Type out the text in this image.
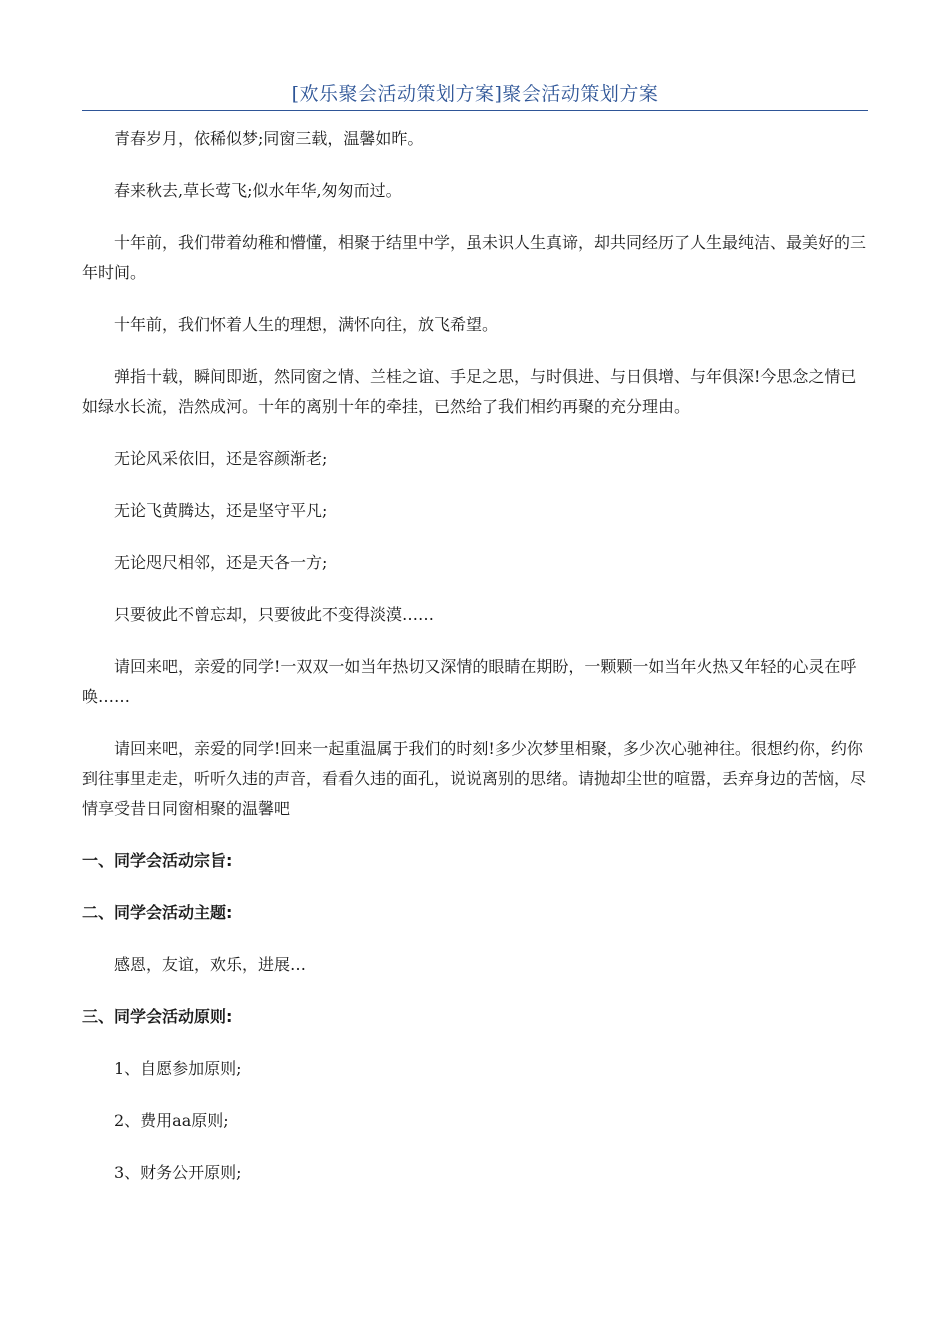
[欢乐聚会活动策划方案]聚会活动策划方案

青春岁月，依稀似梦;同窗三载，温馨如昨。

春来秋去,草长莺飞;似水年华,匆匆而过。

十年前，我们带着幼稚和懵懂，相聚于结里中学，虽未识人生真谛，却共同经历了人生最纯洁、最美好的三年时间。

十年前，我们怀着人生的理想，满怀向往，放飞希望。

弹指十载，瞬间即逝，然同窗之情、兰桂之谊、手足之思，与时俱进、与日俱增、与年俱深!今思念之情已如绿水长流，浩然成河。十年的离别十年的牵挂，已然给了我们相约再聚的充分理由。

无论风采依旧，还是容颜渐老;

无论飞黄腾达，还是坚守平凡;

无论咫尺相邻，还是天各一方;

只要彼此不曾忘却，只要彼此不变得淡漠……

请回来吧，亲爱的同学!一双双一如当年热切又深情的眼睛在期盼，一颗颗一如当年火热又年轻的心灵在呼唤……

请回来吧，亲爱的同学!回来一起重温属于我们的时刻!多少次梦里相聚，多少次心驰神往。很想约你，约你到往事里走走，听听久违的声音，看看久违的面孔，说说离别的思绪。请抛却尘世的喧嚣，丢弃身边的苦恼，尽情享受昔日同窗相聚的温馨吧

一、同学会活动宗旨:

二、同学会活动主题:

感恩，友谊，欢乐，进展…

三、同学会活动原则:

1、自愿参加原则;

2、费用aa原则;

3、财务公开原则;
